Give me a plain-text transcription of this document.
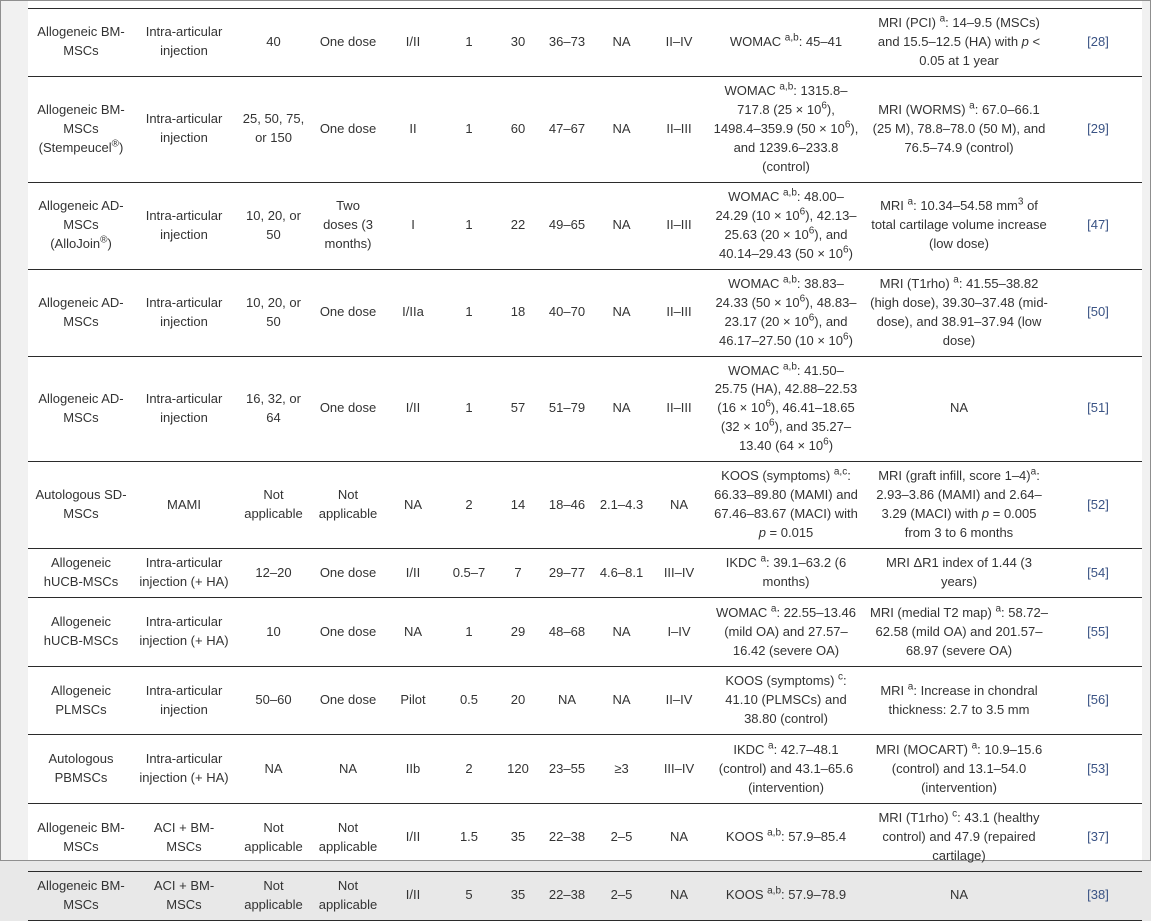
Allogeneic BM-MSCs	Intra-articular injection	40	One dose	I/II	1	30	36–73	NA	II–IV	WOMAC $^{a,b}$: 45–41	MRI (PCI) $^a$: 14–9.5 (MSCs) and 15.5–12.5 (HA) with p < 0.05 at 1 year	[28]
Allogeneic BM-MSCs (Stempeucel®)	Intra-articular injection	25, 50, 75, or 150	One dose	II	1	60	47–67	NA	II–III	WOMAC $^{a,b}$: 1315.8–717.8 $(25 \times 10^6)$, 1498.4–359.9 $(50 \times 10^6)$, and 1239.6–233.8 (control)	MRI (WORMS) $^a$: 67.0–66.1 (25 M), 78.8–78.0 (50 M), and 76.5–74.9 (control)	[29]
Allogeneic AD-MSCs (AlloJoin®)	Intra-articular injection	10, 20, or 50	Two doses (3 months)	I	1	22	49–65	NA	II–III	WOMAC $^{a,b}$: 48.00–24.29 $(10 \times 10^6)$, 42.13–25.63 $(20 \times 10^6)$, and 40.14–29.43 $(50 \times 10^6)$	MRI $^a$: 10.34–54.58 $mm^3$ of total cartilage volume increase (low dose)	[47]
Allogeneic AD-MSCs	Intra-articular injection	10, 20, or 50	One dose	I/IIa	1	18	40–70	NA	II–III	WOMAC $^{a,b}$: 38.83–24.33 $(50 \times 10^6)$, 48.83–23.17 $(20 \times 10^6)$, and 46.17–27.50 $(10 \times 10^6)$	MRI (T1rho) $^a$: 41.55–38.82 (high dose), 39.30–37.48 (mid-dose), and 38.91–37.94 (low dose)	[50]
Allogeneic AD-MSCs	Intra-articular injection	16, 32, or 64	One dose	I/II	1	57	51–79	NA	II–III	WOMAC $^{a,b}$: 41.50–25.75 (HA), 42.88–22.53 $(16 \times 10^6)$, 46.41–18.65 $(32 \times 10^6)$, and 35.27–13.40 $(64 \times 10^6)$	NA	[51]
Autologous SD-MSCs	MAMI	Not applicable	Not applicable	NA	2	14	18–46	2.1–4.3	NA	KOOS (symptoms) $^{a,c}$: 66.33–89.80 (MAMI) and 67.46–83.67 (MACI) with p = 0.015	MRI (graft infill, score 1–4)$^a$: 2.93–3.86 (MAMI) and 2.64–3.29 (MACI) with p = 0.005 from 3 to 6 months	[52]
Allogeneic hUCB-MSCs	Intra-articular injection (+ HA)	12–20	One dose	I/II	0.5–7	7	29–77	4.6–8.1	III–IV	IKDC $^a$: 39.1–63.2 (6 months)	MRI ΔR1 index of 1.44 (3 years)	[54]
Allogeneic hUCB-MSCs	Intra-articular injection (+ HA)	10	One dose	NA	1	29	48–68	NA	I–IV	WOMAC $^a$: 22.55–13.46 (mild OA) and 27.57–16.42 (severe OA)	MRI (medial T2 map) $^a$: 58.72–62.58 (mild OA) and 201.57–68.97 (severe OA)	[55]
Allogeneic PLMSCs	Intra-articular injection	50–60	One dose	Pilot	0.5	20	NA	NA	II–IV	KOOS (symptoms) $^c$: 41.10 (PLMSCs) and 38.80 (control)	MRI $^a$: Increase in chondral thickness: 2.7 to 3.5 mm	[56]
Autologous PBMSCs	Intra-articular injection (+ HA)	NA	NA	IIb	2	120	23–55	≥3	III–IV	IKDC $^a$: 42.7–48.1 (control) and 43.1–65.6 (intervention)	MRI (MOCART) $^a$: 10.9–15.6 (control) and 13.1–54.0 (intervention)	[53]
Allogeneic BM-MSCs	ACI + BM-MSCs	Not applicable	Not applicable	I/II	1.5	35	22–38	2–5	NA	KOOS $^{a,b}$: 57.9–85.4	MRI (T1rho) $^c$: 43.1 (healthy control) and 47.9 (repaired cartilage)	[37]
Allogeneic BM-MSCs	ACI + BM-MSCs	Not applicable	Not applicable	I/II	5	35	22–38	2–5	NA	KOOS $^{a,b}$: 57.9–78.9	NA	[38]
